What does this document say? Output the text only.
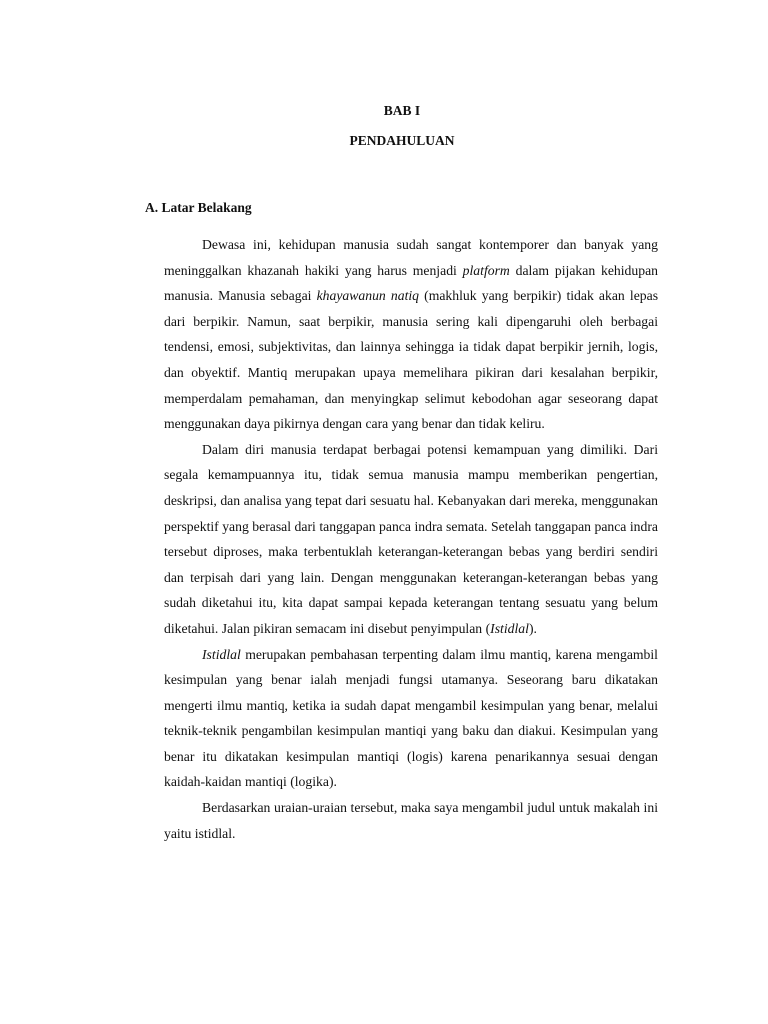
BAB I
PENDAHULUAN
A. Latar Belakang

Dewasa ini, kehidupan manusia sudah sangat kontemporer dan banyak yang meninggalkan khazanah hakiki yang harus menjadi platform dalam pijakan kehidupan manusia. Manusia sebagai khayawanun natiq (makhluk yang berpikir) tidak akan lepas dari berpikir. Namun, saat berpikir, manusia sering kali dipengaruhi oleh berbagai tendensi, emosi, subjektivitas, dan lainnya sehingga ia tidak dapat berpikir jernih, logis, dan obyektif. Mantiq merupakan upaya memelihara pikiran dari kesalahan berpikir, memperdalam pemahaman, dan menyingkap selimut kebodohan agar seseorang dapat menggunakan daya pikirnya dengan cara yang benar dan tidak keliru.

Dalam diri manusia terdapat berbagai potensi kemampuan yang dimiliki. Dari segala kemampuannya itu, tidak semua manusia mampu memberikan pengertian, deskripsi, dan analisa yang tepat dari sesuatu hal. Kebanyakan dari mereka, menggunakan perspektif yang berasal dari tanggapan panca indra semata. Setelah tanggapan panca indra tersebut diproses, maka terbentuklah keterangan-keterangan bebas yang berdiri sendiri dan terpisah dari yang lain. Dengan menggunakan keterangan-keterangan bebas yang sudah diketahui itu, kita dapat sampai kepada keterangan tentang sesuatu yang belum diketahui. Jalan pikiran semacam ini disebut penyimpulan (Istidlal).

Istidlal merupakan pembahasan terpenting dalam ilmu mantiq, karena mengambil kesimpulan yang benar ialah menjadi fungsi utamanya. Seseorang baru dikatakan mengerti ilmu mantiq, ketika ia sudah dapat mengambil kesimpulan yang benar, melalui teknik-teknik pengambilan kesimpulan mantiqi yang baku dan diakui. Kesimpulan yang benar itu dikatakan kesimpulan mantiqi (logis) karena penarikannya sesuai dengan kaidah-kaidan mantiqi (logika).

Berdasarkan uraian-uraian tersebut, maka saya mengambil judul untuk makalah ini yaitu istidlal.
